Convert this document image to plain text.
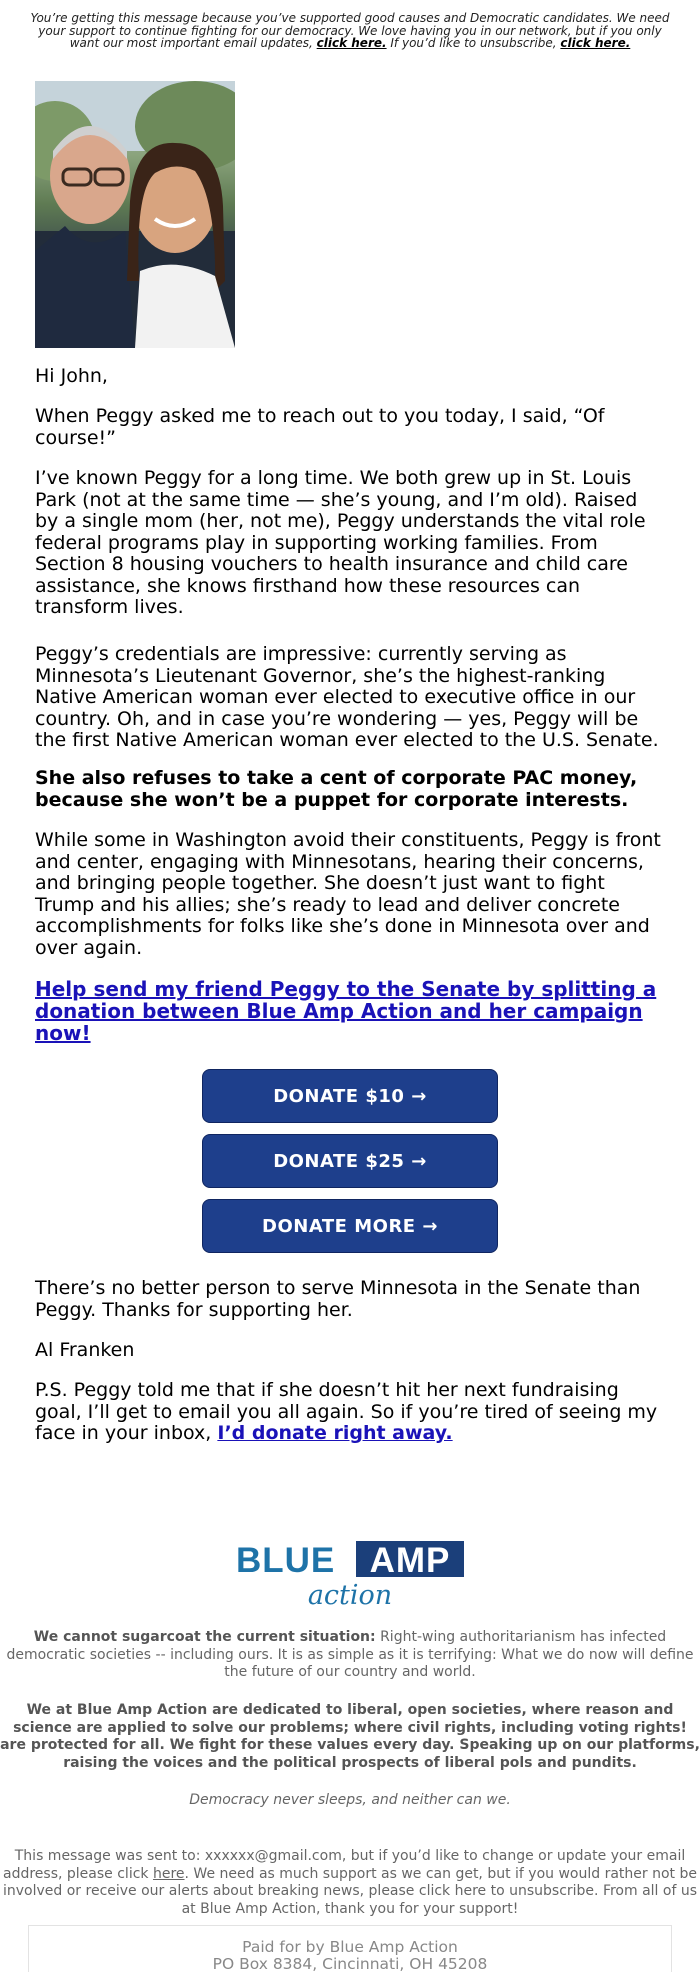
You’re getting this message because you’ve supported good causes and Democratic candidates. We need your support to continue fighting for our democracy. We love having you in our network, but if you only want our most important email updates, click here. If you’d like to unsubscribe, click here.
Hi John,
When Peggy asked me to reach out to you today, I said, “Of course!”
I’ve known Peggy for a long time. We both grew up in St. Louis Park (not at the same time — she’s young, and I’m old). Raised by a single mom (her, not me), Peggy understands the vital role federal programs play in supporting working families. From Section 8 housing vouchers to health insurance and child care assistance, she knows firsthand how these resources can transform lives.
Peggy’s credentials are impressive: currently serving as Minnesota’s Lieutenant Governor, she’s the highest-ranking Native American woman ever elected to executive office in our country. Oh, and in case you’re wondering — yes, Peggy will be the first Native American woman ever elected to the U.S. Senate.
She also refuses to take a cent of corporate PAC money, because she won’t be a puppet for corporate interests.
While some in Washington avoid their constituents, Peggy is front and center, engaging with Minnesotans, hearing their concerns, and bringing people together. She doesn’t just want to fight Trump and his allies; she’s ready to lead and deliver concrete accomplishments for folks like she’s done in Minnesota over and over again.
Help send my friend Peggy to the Senate by splitting a donation between Blue Amp Action and her campaign now!
DONATE $10 →
DONATE $25 →
DONATE MORE →
There’s no better person to serve Minnesota in the Senate than Peggy. Thanks for supporting her.
Al Franken
P.S. Peggy told me that if she doesn’t hit her next fundraising goal, I’ll get to email you all again. So if you’re tired of seeing my face in your inbox, I’d donate right away.
BLUE AMP
action
We cannot sugarcoat the current situation: Right-wing authoritarianism has infected democratic societies -- including ours. It is as simple as it is terrifying: What we do now will define the future of our country and world.
We at Blue Amp Action are dedicated to liberal, open societies, where reason and science are applied to solve our problems; where civil rights, including voting rights! are protected for all. We fight for these values every day. Speaking up on our platforms, raising the voices and the political prospects of liberal pols and pundits.
Democracy never sleeps, and neither can we.
This message was sent to: xxxxxx@gmail.com, but if you’d like to change or update your email address, please click here. We need as much support as we can get, but if you would rather not be involved or receive our alerts about breaking news, please click here to unsubscribe. From all of us at Blue Amp Action, thank you for your support!
Paid for by Blue Amp Action
PO Box 8384, Cincinnati, OH 45208
